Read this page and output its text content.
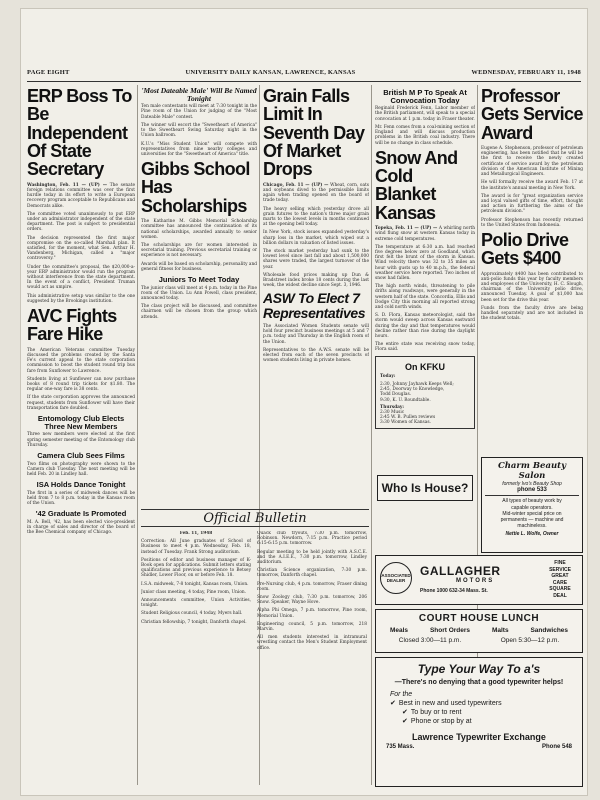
PAGE EIGHT	UNIVERSITY DAILY KANSAN, LAWRENCE, KANSAS	WEDNESDAY, FEBRUARY 11, 1948
ERP Boss To Be Independent Of State Secretary

Washington, Feb. 11 — (UP) — The senate foreign relations committee was over the first hurdle today in its effort to write a European recovery program acceptable to Republicans and Democrats alike.

The committee voted unanimously to put ERP under an administrator independent of the state department. The post is subject to presidential orders.

The decision represented the first major compromise on the so-called Marshall plan. It satisfied, for the moment, what Sen. Arthur H. Vandenberg, Michigan, called a "major controversy."

Under the committee's proposal, the $20,000-a-year ERP administrator would run the program without interference from the state department. In the event of a conflict, President Truman would act as umpire.

This administrative setup was similar to the one suggested by the Brookings institution.

AVC Fights Fare Hike

The American Veterans committee Tuesday discussed the problems created by the Santa Fe's current appeal to the state corporation commission to boost the student round trip bus fare from Sunflower to Lawrence.

Students living at Sunflower can now purchase books of 8 round trip tickets for $1.80. The regular one-way fare is 38 cents.

If the state corporation approves the announced request, students from Sunflower will have their transportation fare doubled.

Entomology Club Elects Three New Members

Three new members were elected at the first spring semester meeting of the Entomology club Thursday.

Camera Club Sees Films

Two films on photography were shown to the Camera club Tuesday. The next meeting will be held Feb. 20 in Lindley hall.

ISA Holds Dance Tonight

The first in a series of midweek dances will be held from 7 to 8 p.m. today in the Kansas room of the Union.

'42 Graduate Is Promoted

M. A. Bell, '42, has been elected vice-president in charge of sales and director of the board of the Bee Chemical company of Chicago.

'Most Dateable Male' Will Be Named Tonight

Ten male contestants will meet at 7:30 tonight in the Pine room of the Union for judging of the "Most Dateable Male" contest.

The winner will escort the "Sweetheart of America" to the Sweetheart Swing Saturday night in the Union ballroom.

K.U.'s "Miss Student Union" will compete with representatives from nine nearby colleges and universities for the "Sweetheart of America" title.

Gibbs School Has Scholarships

The Katharine M. Gibbs Memorial Scholarship committee has announced the continuation of its national scholarships, awarded annually to senior women.

The scholarships are for women interested in secretarial training. Previous secretarial training or experience is not necessary.

Awards will be based on scholarship, personality and general fitness for business.

Juniors To Meet Today

The junior class will meet at 4 p.m. today in the Pine room of the Union. Lu Ann Powell, class president, announced today.

The class project will be discussed, and committee chairmen will be chosen from the group which attends.

Grain Falls Limit In Seventh Day Of Market Drops

Chicago, Feb. 11 — (UP) — Wheat, corn, oats and soybeans dived to the permissible limits again when trading opened on the board of trade today.

The heavy selling which yesterday drove all grain futures to the nation's three major grain marts to the lowest levels in months continued at the opening bell today.

In New York, stock issues expanded yesterday's sharp loss in the market, which wiped out a billion dollars in valuation of listed issues.

The stock market yesterday had sunk to the lowest level since last fall and about 1,500,000 shares were traded, the largest turnover of the year.

Wholesale food prices making up Dun & Bradstreet index broke 18 cents during the last week, the widest decline since Sept. 3, 1946.

ASW To Elect 7 Representatives

The Associated Women Students senate will hold four precinct business meetings at 5 and 7 p.m. today and Thursday in the English room of the Union.

Representatives to the A.W.S. senate will be elected from each of the seven precincts of women students living in private homes.

British M P To Speak At Convocation Today

Reginald Frederick Fenn, Labor member of the British parliament, will speak to a special convocation at 1 p.m. today in Fraser theater.

Mr. Fenn comes from a coal-mining section of England and will discuss production problems in the British coal industry. There will be no change in class schedule.

Snow And Cold Blanket Kansas

Topeka, Feb. 11 — (UP) — A whirling north wind flung snow at western Kansas today in extreme cold temperatures.

The temperature at 6:30 a.m. had reached five degrees below zero at Goodland, which first felt the brunt of the storm in Kansas. Wind velocity there was 32 to 35 miles an hour with gusts up to 40 m.p.h., the federal weather service here reported. Two inches of snow had fallen.

The high north winds, threatening to pile drifts along roadways, were generally in the western half of the state. Concordia, Ellis and Dodge City this morning all reported strong and cold north winds.

S. D. Flora, Kansas meteorologist, said the storm would sweep across Kansas eastward during the day and that temperatures would decline rather than rise during the daylight hours.

The entire state was receiving snow today, Flora said.

On KFKU

Today:

2:30, Johnny Jayhawk Keeps Well;

2:45, Doorway to Knowledge,

Todd Douglas.

9:30, K. U. Roundtable.

Thursday:

2:30 Music

2:45 W. B. Pullen reviews

3:30 Women of Kansas.

Who Is House?
Professor Gets Service Award

Eugene A. Stephenson, professor of petroleum engineering, has been notified that he will be the first to receive the newly created certificate of service award by the petroleum division of the American Institute of Mining and Metallurgical Engineers.

He will formally receive the award Feb. 17 at the institute's annual meeting in New York.

The award is for "great organization service and loyal valued gifts of time, effort, thought and action in furthering the aims of the petroleum division."

Professor Stephenson has recently returned to the United States from Indonesia.

Polio Drive Gets $400

Approximately $400 has been contributed to anti-polio funds this year by faculty members and employees of the University, H. C. Slough, chairman of the University polio drive, announced Tuesday. A goal of $1,000 has been set for the drive this year.

Funds from the faculty drive are being handled separately and are not included in the student totals.

Charm Beauty Salon
formerly Ivo's Beauty Shop
phone 533
All types of beauty work by
capable operators.
Mid-winter special price on
permanents — machine and
machineless.
Nettie L. Wolfe, Owner
Official Bulletin

Feb. 11, 1948

Correction: All June graduates of School of Business to meet 4 p.m. Wednesday, Feb. 18, instead of Tuesday. Frank Strong auditorium.

Positions of editor and business manager of K-Book open for applications. Submit letters stating qualifications and previous experience to Betsey Shidler, Lower Floor, on or before Feb. 18.

I.S.A. midweek, 7-8 tonight, Kansas room, Union.

Junior class meeting, 4 today, Pine room, Union.

Announcements committee, Union Activities, tonight.

Student Religious council, 4 today, Myers hall.

Christian fellowship, 7 tonight, Danforth chapel.

Quack club tryouts, 7:30 p.m. tomorrow, Robinson. Newdorn, 7:15 p.m. Practice period 6:15-6:15 p.m. tomorrow.

Regular meeting to be held jointly with A.S.C.E. and the A.I.E.E., 7:30 p.m. tomorrow, Lindley auditorium.

Christian Science organization, 7:30 p.m. tomorrow, Danforth chapel.

Pre-Nursing club, 4 p.m. tomorrow, Fraser dining room.

Snow Zoology club, 7:30 p.m. tomorrow, 206 Snow. Speaker, Wayne Hove.

Alpha Phi Omega, 7 p.m. tomorrow, Pine room, Memorial Union.

Engineering council, 5 p.m. tomorrow, 218 Marvin.

All men students interested in intramural wrestling contact the Men's Student Employment office.

ASSOCIATED DEALER
GALLAGHER
MOTORS
Phone 1000 632-34 Mass. St.
FINE
SERVICE
GREAT
CARE
SQUARE
DEAL
COURT HOUSE LUNCH
Meals	Short Orders	Malts	Sandwiches
Closed 3:00—11 p.m.	Open 5:30—12 p.m.
Type Your Way To a's
—There's no denying that a good typewriter helps!
For the
✔ Best in new and used typewriters
✔ To buy or to rent
✔ Phone or stop by at
Lawrence Typewriter Exchange
735 Mass.	Phone 548
